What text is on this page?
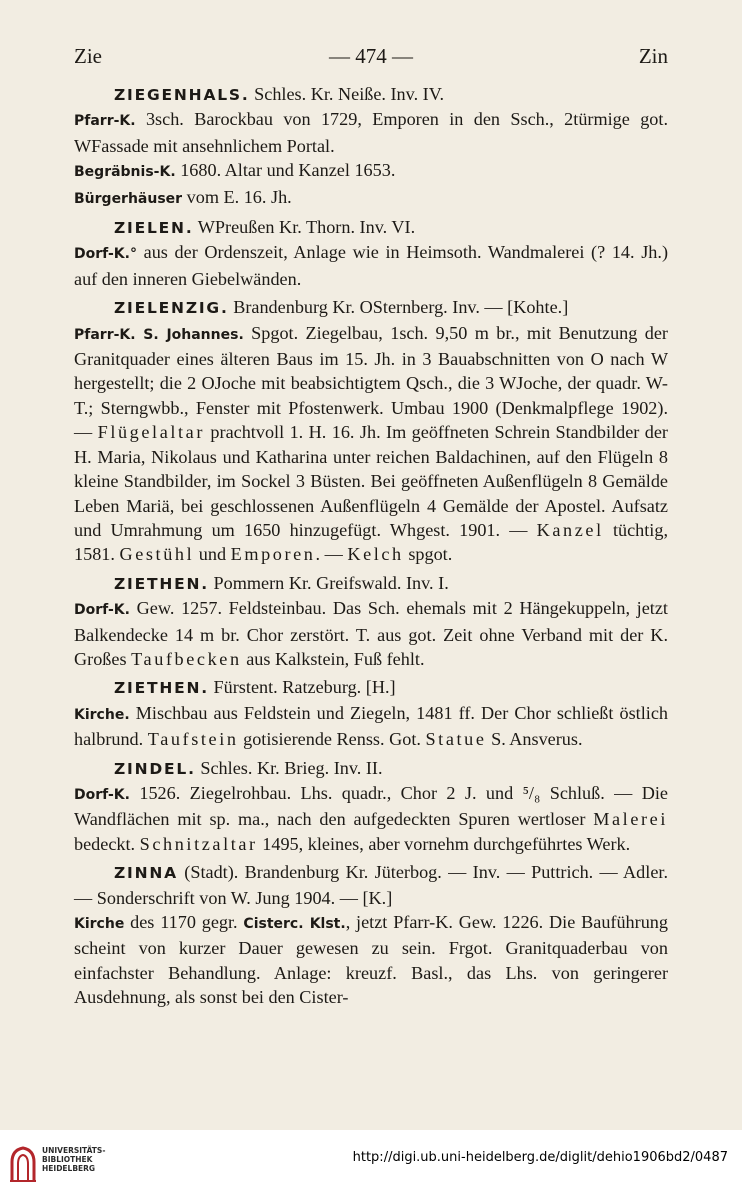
Zie	— 474 —	Zin

ZIEGENHALS. Schles. Kr. Neiße. Inv. IV.

Pfarr-K. 3sch. Barockbau von 1729, Emporen in den Ssch., 2türmige got. WFassade mit ansehnlichem Portal.

Begräbnis-K. 1680. Altar und Kanzel 1653.

Bürgerhäuser vom E. 16. Jh.

ZIELEN. WPreußen Kr. Thorn. Inv. VI.

Dorf-K.° aus der Ordenszeit, Anlage wie in Heimsoth. Wandmalerei (? 14. Jh.) auf den inneren Giebelwänden.

ZIELENZIG. Brandenburg Kr. OSternberg. Inv. — [Kohte.]

Pfarr-K. S. Johannes. Spgot. Ziegelbau, 1sch. 9,50 m br., mit Benutzung der Granitquader eines älteren Baus im 15. Jh. in 3 Bauabschnitten von O nach W hergestellt; die 2 OJoche mit beabsichtigtem Qsch., die 3 WJoche, der quadr. W-T.; Sterngwbb., Fenster mit Pfostenwerk. Umbau 1900 (Denkmalpflege 1902). — Flügelaltar prachtvoll 1. H. 16. Jh. Im geöffneten Schrein Standbilder der H. Maria, Nikolaus und Katharina unter reichen Baldachinen, auf den Flügeln 8 kleine Standbilder, im Sockel 3 Büsten. Bei geöffneten Außenflügeln 8 Gemälde Leben Mariä, bei geschlossenen Außenflügeln 4 Gemälde der Apostel. Aufsatz und Umrahmung um 1650 hinzugefügt. Whgest. 1901. — Kanzel tüchtig, 1581. Gestühl und Emporen. — Kelch spgot.

ZIETHEN. Pommern Kr. Greifswald. Inv. I.

Dorf-K. Gew. 1257. Feldsteinbau. Das Sch. ehemals mit 2 Hängekuppeln, jetzt Balkendecke 14 m br. Chor zerstört. T. aus got. Zeit ohne Verband mit der K. Großes Taufbecken aus Kalkstein, Fuß fehlt.

ZIETHEN. Fürstent. Ratzeburg. [H.]

Kirche. Mischbau aus Feldstein und Ziegeln, 1481 ff. Der Chor schließt östlich halbrund. Taufstein gotisierende Renss. Got. Statue S. Ansverus.

ZINDEL. Schles. Kr. Brieg. Inv. II.

Dorf-K. 1526. Ziegelrohbau. Lhs. quadr., Chor 2 J. und ⁵/₈ Schluß. — Die Wandflächen mit sp. ma., nach den aufgedeckten Spuren wertloser Malerei bedeckt. Schnitzaltar 1495, kleines, aber vornehm durchgeführtes Werk.

ZINNA (Stadt). Brandenburg Kr. Jüterbog. — Inv. — Puttrich. — Adler. — Sonderschrift von W. Jung 1904. — [K.]

Kirche des 1170 gegr. Cisterc. Klst., jetzt Pfarr-K. Gew. 1226. Die Bauführung scheint von kurzer Dauer gewesen zu sein. Frgot. Granitquaderbau von einfachster Behandlung. Anlage: kreuzf. Basl., das Lhs. von geringerer Ausdehnung, als sonst bei den Cister-

UNIVERSITÄTS-
BIBLIOTHEK
HEIDELBERG
http://digi.ub.uni-heidelberg.de/diglit/dehio1906bd2/0487
